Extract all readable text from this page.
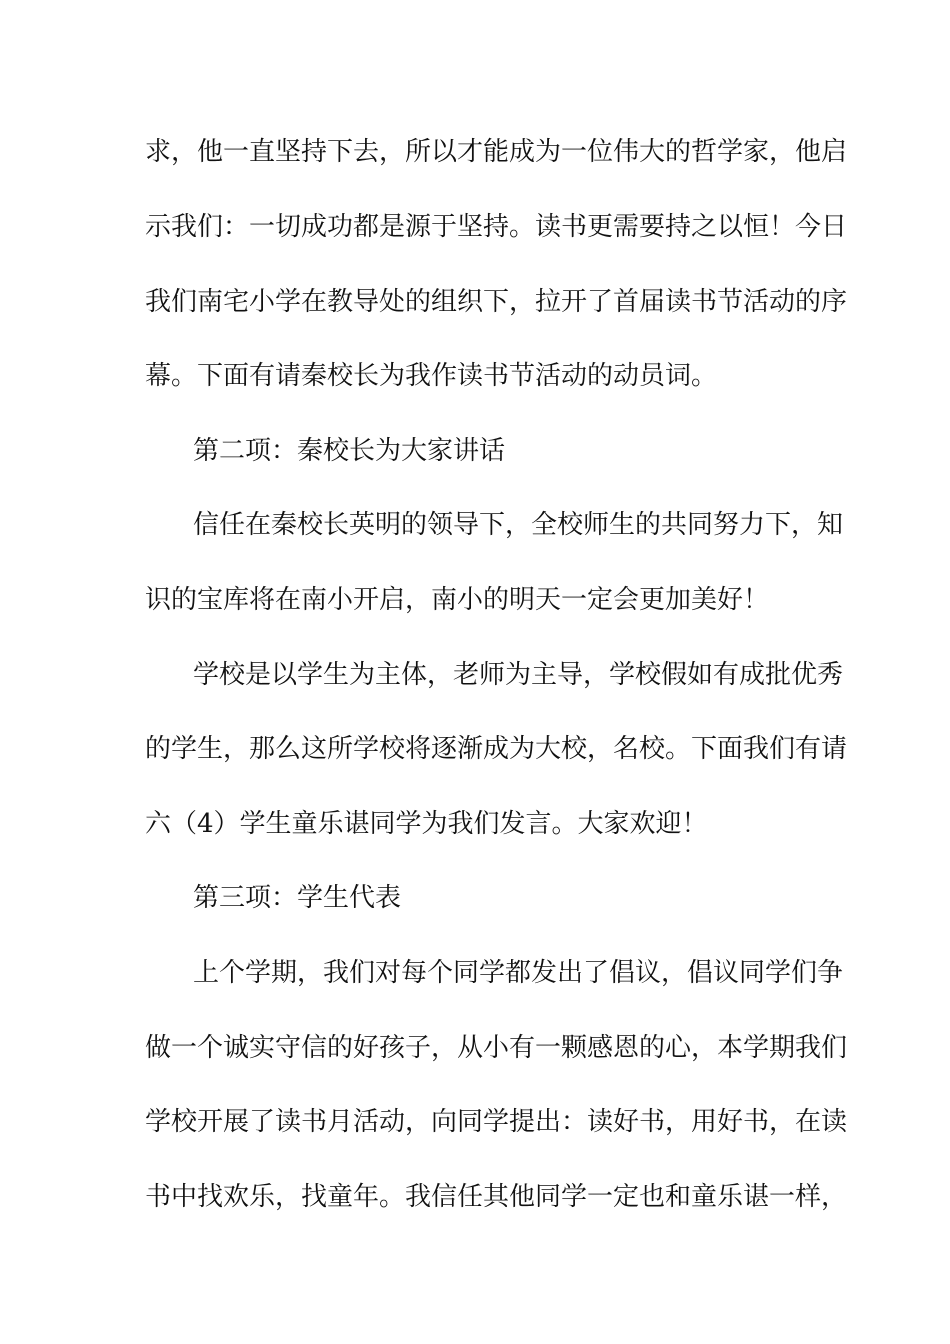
求，他一直坚持下去，所以才能成为一位伟大的哲学家，他启
示我们：一切成功都是源于坚持。读书更需要持之以恒！今日
我们南宅小学在教导处的组织下，拉开了首届读书节活动的序
幕。下面有请秦校长为我作读书节活动的动员词。
第二项：秦校长为大家讲话
信任在秦校长英明的领导下，全校师生的共同努力下，知
识的宝库将在南小开启，南小的明天一定会更加美好！
学校是以学生为主体，老师为主导，学校假如有成批优秀
的学生，那么这所学校将逐渐成为大校，名校。下面我们有请
六（4）学生童乐谌同学为我们发言。大家欢迎！
第三项：学生代表
上个学期，我们对每个同学都发出了倡议，倡议同学们争
做一个诚实守信的好孩子，从小有一颗感恩的心，本学期我们
学校开展了读书月活动，向同学提出：读好书，用好书，在读
书中找欢乐，找童年。我信任其他同学一定也和童乐谌一样，
